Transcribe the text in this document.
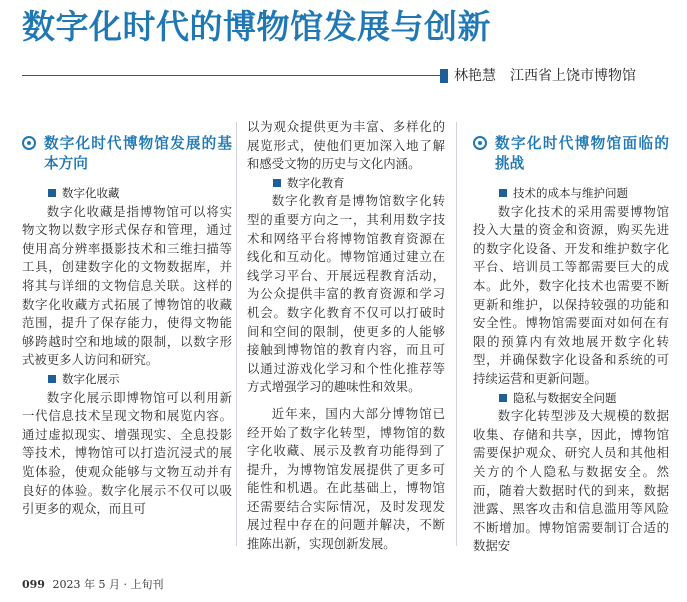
数字化时代的博物馆发展与创新
林艳慧　江西省上饶市博物馆
数字化时代博物馆发展的基本方向
数字化收藏

数字化收藏是指博物馆可以将实物文物以数字形式保存和管理，通过使用高分辨率摄影技术和三维扫描等工具，创建数字化的文物数据库，并将其与详细的文物信息关联。这样的数字化收藏方式拓展了博物馆的收藏范围，提升了保存能力，使得文物能够跨越时空和地域的限制，以数字形式被更多人访问和研究。

数字化展示

数字化展示即博物馆可以利用新一代信息技术呈现文物和展览内容。通过虚拟现实、增强现实、全息投影等技术，博物馆可以打造沉浸式的展览体验，使观众能够与文物互动并有良好的体验。数字化展示不仅可以吸引更多的观众，而且可

以为观众提供更为丰富、多样化的展览形式，使他们更加深入地了解和感受文物的历史与文化内涵。

数字化教育

数字化教育是博物馆数字化转型的重要方向之一，其利用数字技术和网络平台将博物馆教育资源在线化和互动化。博物馆通过建立在线学习平台、开展远程教育活动，为公众提供丰富的教育资源和学习机会。数字化教育不仅可以打破时间和空间的限制，使更多的人能够接触到博物馆的教育内容，而且可以通过游戏化学习和个性化推荐等方式增强学习的趣味性和效果。

近年来，国内大部分博物馆已经开始了数字化转型，博物馆的数字化收藏、展示及教育功能得到了提升，为博物馆发展提供了更多可能性和机遇。在此基础上，博物馆还需要结合实际情况，及时发现发展过程中存在的问题并解决，不断推陈出新，实现创新发展。

数字化时代博物馆面临的挑战
技术的成本与维护问题

数字化技术的采用需要博物馆投入大量的资金和资源，购买先进的数字化设备、开发和维护数字化平台、培训员工等都需要巨大的成本。此外，数字化技术也需要不断更新和维护，以保持较强的功能和安全性。博物馆需要面对如何在有限的预算内有效地展开数字化转型，并确保数字化设备和系统的可持续运营和更新问题。

隐私与数据安全问题

数字化转型涉及大规模的数据收集、存储和共享，因此，博物馆需要保护观众、研究人员和其他相关方的个人隐私与数据安全。然而，随着大数据时代的到来，数据泄露、黑客攻击和信息滥用等风险不断增加。博物馆需要制订合适的数据安

099 2023 年 5 月 · 上旬刊
